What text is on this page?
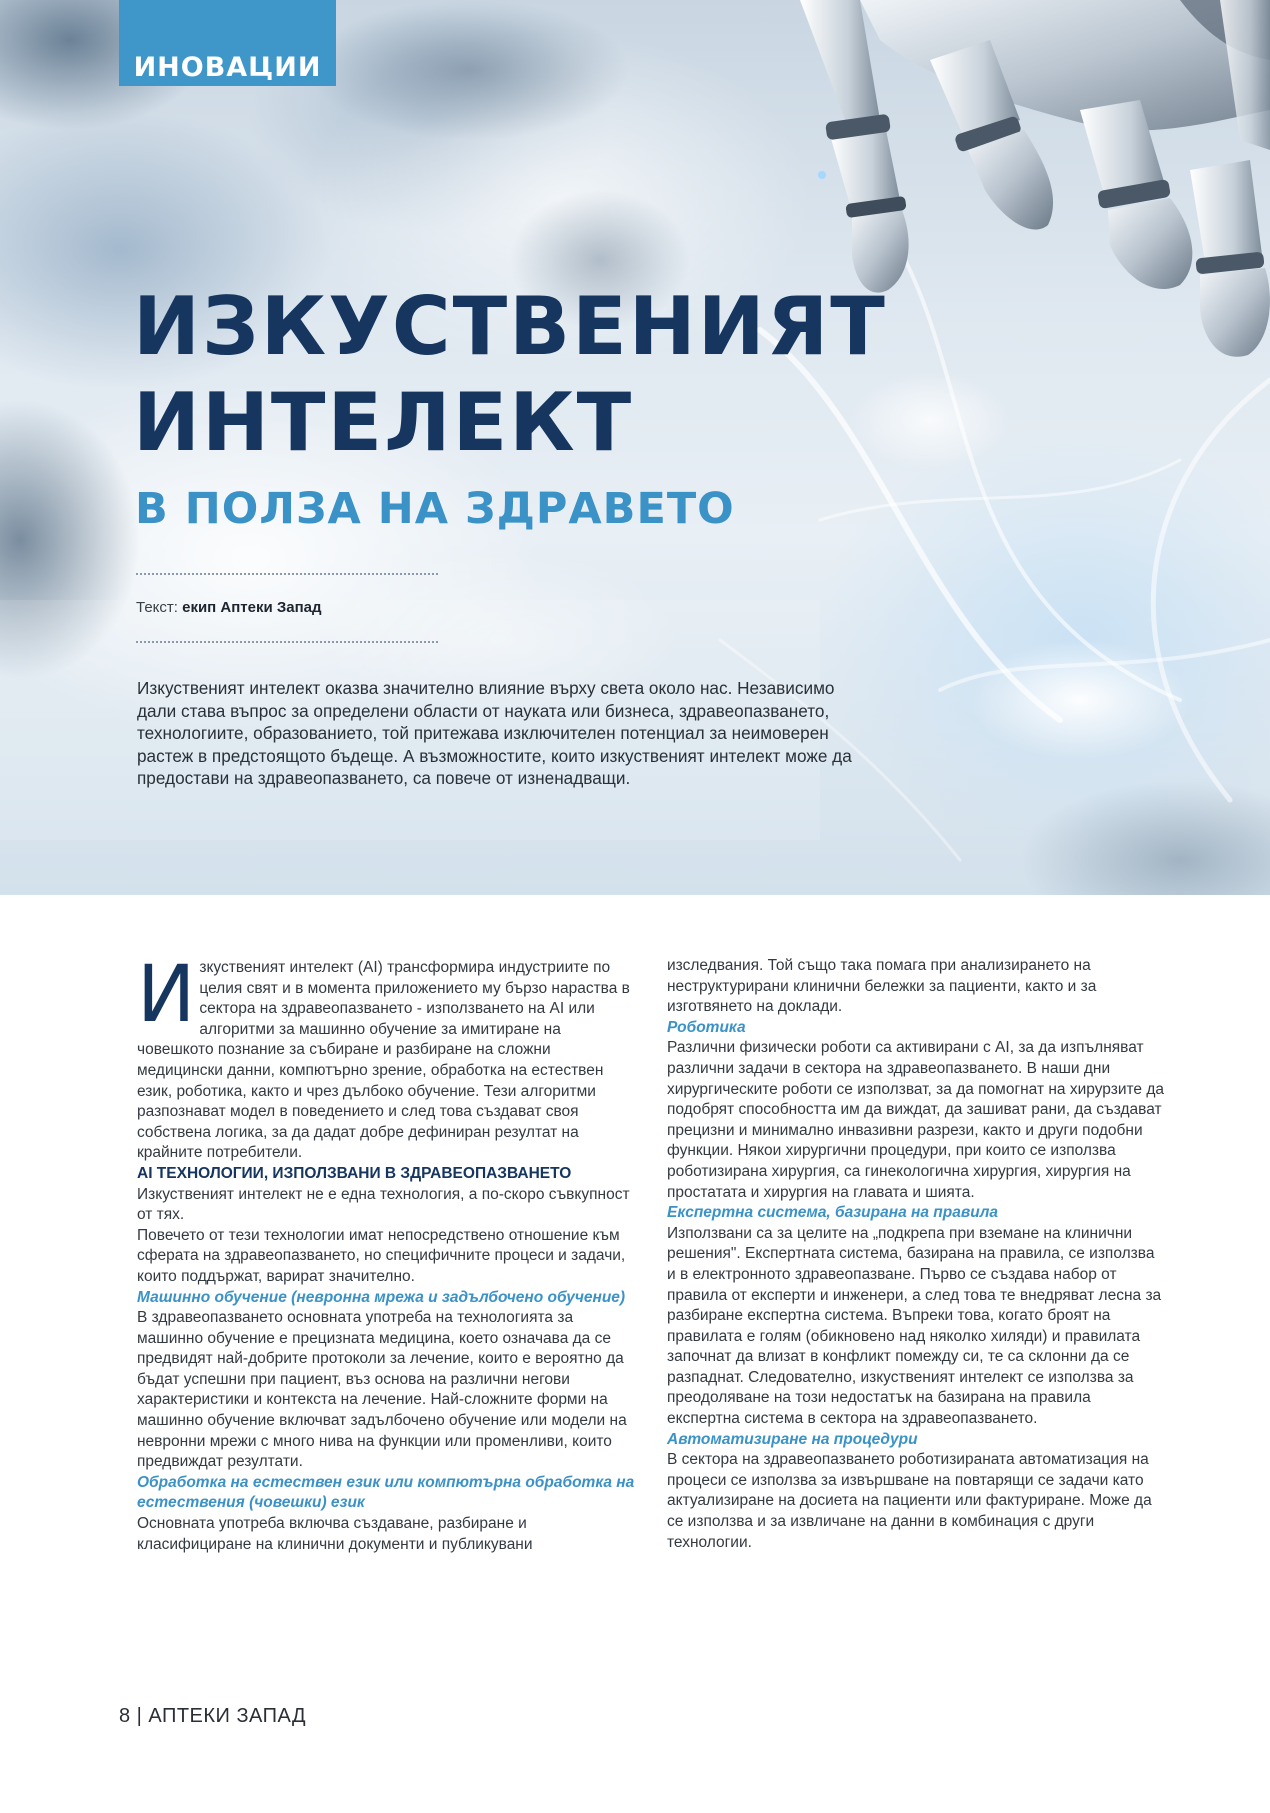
ИНОВАЦИИ
ИЗКУСТВЕНИЯТ
ИНТЕЛЕКТ
В ПОЛЗА НА ЗДРАВЕТО
Текст: екип Аптеки Запад

Изкуственият интелект оказва значително влияние върху света около нас. Независимо дали става въпрос за определени области от науката или бизнеса, здравеопазването, технологиите, образованието, той притежава изключителен потенциал за неимоверен растеж в предстоящото бъдеще. А възможностите, които изкуственият интелект може да предостави на здравеопазването, са повече от изненадващи.

Изкуственият интелект (AI) трансформира индустриите по целия свят и в момента приложението му бързо нараства в сектора на здравеопазването - използването на AI или алгоритми за машинно обучение за имитиране на човешкото познание за събиране и разбиране на сложни медицински данни, компютърно зрение, обработка на естествен език, роботика, както и чрез дълбоко обучение. Тези алгоритми разпознават модел в поведението и след това създават своя собствена логика, за да дадат добре дефиниран резултат на крайните потребители.

AI ТЕХНОЛОГИИ, ИЗПОЛЗВАНИ В ЗДРАВЕОПАЗВАНЕТО

Изкуственият интелект не е една технология, а по-скоро съвкупност от тях.

Повечето от тези технологии имат непосредствено отношение към сферата на здравеопазването, но специфичните процеси и задачи, които поддържат, варират значително.

Машинно обучение (невронна мрежа и задълбочено обучение)

В здравеопазването основната употреба на технологията за машинно обучение е прецизната медицина, което означава да се предвидят най-добрите протоколи за лечение, които е вероятно да бъдат успешни при пациент, въз основа на различни негови характеристики и контекста на лечение. Най-сложните форми на машинно обучение включват задълбочено обучение или модели на невронни мрежи с много нива на функции или променливи, които предвиждат резултати.

Обработка на естествен език или компютърна обработка на естествения (човешки) език

Основната употреба включва създаване, разбиране и класифициране на клинични документи и публикувани

изследвания. Той също така помага при анализирането на неструктурирани клинични бележки за пациенти, както и за изготвянето на доклади.

Роботика

Различни физически роботи са активирани с AI, за да изпълняват различни задачи в сектора на здравеопазването. В наши дни хирургическите роботи се използват, за да помогнат на хирурзите да подобрят способността им да виждат, да зашиват рани, да създават прецизни и минимално инвазивни разрези, както и други подобни функции. Някои хирургични процедури, при които се използва роботизирана хирургия, са гинекологична хирургия, хирургия на простатата и хирургия на главата и шията.

Експертна система, базирана на правила

Използвани са за целите на „подкрепа при вземане на клинични решения". Експертната система, базирана на правила, се използва и в електронното здравеопазване. Първо се създава набор от правила от експерти и инженери, а след това те внедряват лесна за разбиране експертна система. Въпреки това, когато броят на правилата е голям (обикновено над няколко хиляди) и правилата започнат да влизат в конфликт помежду си, те са склонни да се разпаднат. Следователно, изкуственият интелект се използва за преодоляване на този недостатък на базирана на правила експертна система в сектора на здравеопазването.

Автоматизиране на процедури

В сектора на здравеопазването роботизираната автоматизация на процеси се използва за извършване на повтарящи се задачи като актуализиране на досиета на пациенти или фактуриране. Може да се използва и за извличане на данни в комбинация с други технологии.

8 | АПТЕКИ ЗАПАД
